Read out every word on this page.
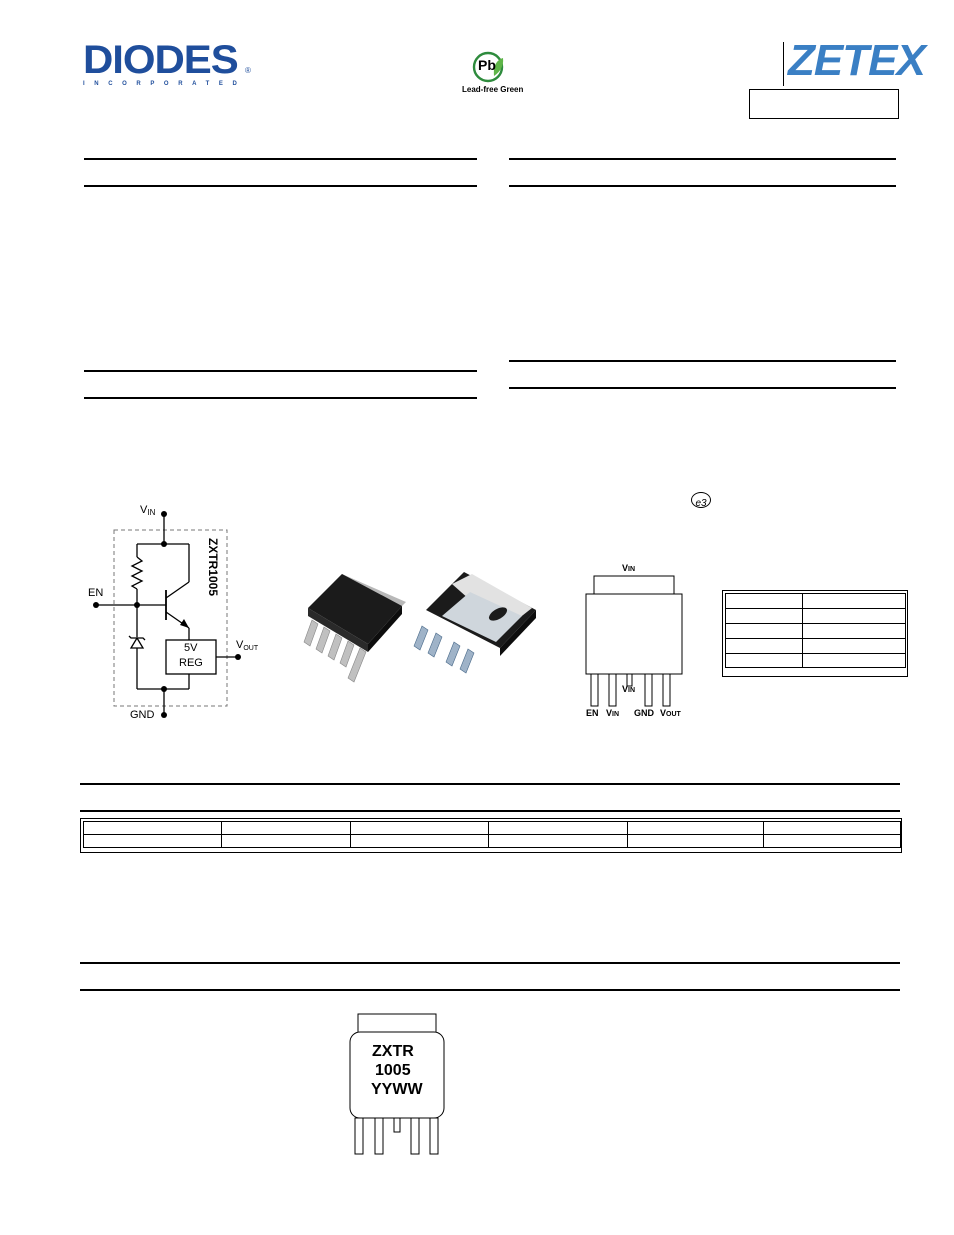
DIODES ®
INCORPORATED
Pb
Lead-free Green
ZETEX
VIN
EN
GND
VOUT
5V
REG
ZXTR1005
e3
VIN
VIN
EN VIN GND VOUT

ZXTR
1005
YYWW
